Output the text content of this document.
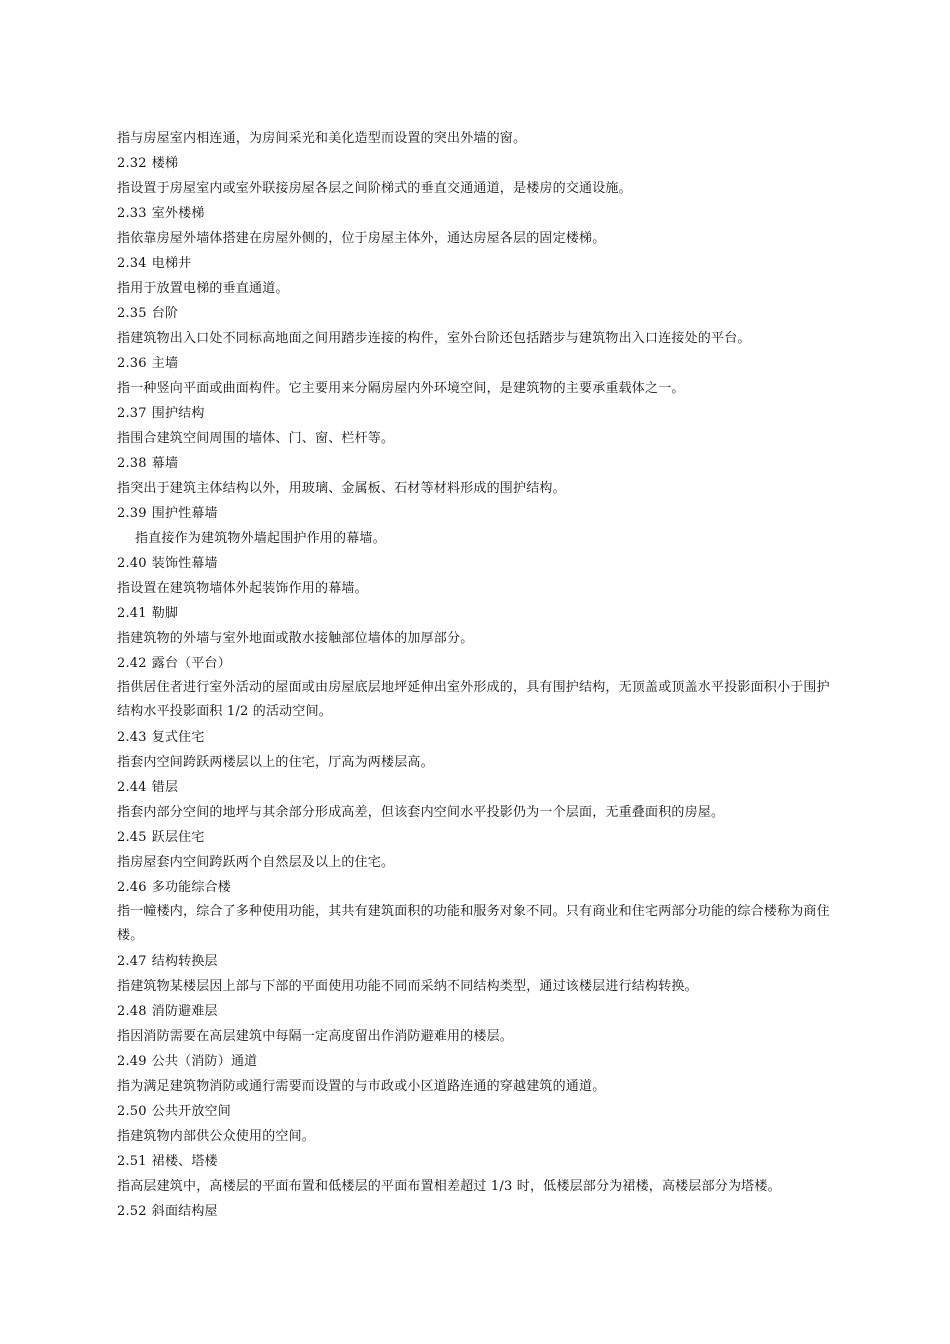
指与房屋室内相连通，为房间采光和美化造型而设置的突出外墙的窗。
2.32 楼梯
指设置于房屋室内或室外联接房屋各层之间阶梯式的垂直交通通道，是楼房的交通设施。
2.33 室外楼梯
指依靠房屋外墙体搭建在房屋外侧的，位于房屋主体外，通达房屋各层的固定楼梯。
2.34 电梯井
指用于放置电梯的垂直通道。
2.35 台阶
指建筑物出入口处不同标高地面之间用踏步连接的构件，室外台阶还包括踏步与建筑物出入口连接处的平台。
2.36 主墙
指一种竖向平面或曲面构件。它主要用来分隔房屋内外环境空间，是建筑物的主要承重载体之一。
2.37 围护结构
指围合建筑空间周围的墙体、门、窗、栏杆等。
2.38 幕墙
指突出于建筑主体结构以外，用玻璃、金属板、石材等材料形成的围护结构。
2.39 围护性幕墙
指直接作为建筑物外墙起围护作用的幕墙。
2.40 装饰性幕墙
指设置在建筑物墙体外起装饰作用的幕墙。
2.41 勒脚
指建筑物的外墙与室外地面或散水接触部位墙体的加厚部分。
2.42 露台（平台）
指供居住者进行室外活动的屋面或由房屋底层地坪延伸出室外形成的，具有围护结构，无顶盖或顶盖水平投影面积小于围护结构水平投影面积 1/2 的活动空间。
2.43 复式住宅
指套内空间跨跃两楼层以上的住宅，厅高为两楼层高。
2.44 错层
指套内部分空间的地坪与其余部分形成高差，但该套内空间水平投影仍为一个层面，无重叠面积的房屋。
2.45 跃层住宅
指房屋套内空间跨跃两个自然层及以上的住宅。
2.46 多功能综合楼
指一幢楼内，综合了多种使用功能，其共有建筑面积的功能和服务对象不同。只有商业和住宅两部分功能的综合楼称为商住楼。
2.47 结构转换层
指建筑物某楼层因上部与下部的平面使用功能不同而采纳不同结构类型，通过该楼层进行结构转换。
2.48 消防避难层
指因消防需要在高层建筑中每隔一定高度留出作消防避难用的楼层。
2.49 公共（消防）通道
指为满足建筑物消防或通行需要而设置的与市政或小区道路连通的穿越建筑的通道。
2.50 公共开放空间
指建筑物内部供公众使用的空间。
2.51 裙楼、塔楼
指高层建筑中，高楼层的平面布置和低楼层的平面布置相差超过 1/3 时，低楼层部分为裙楼，高楼层部分为塔楼。
2.52 斜面结构屋
